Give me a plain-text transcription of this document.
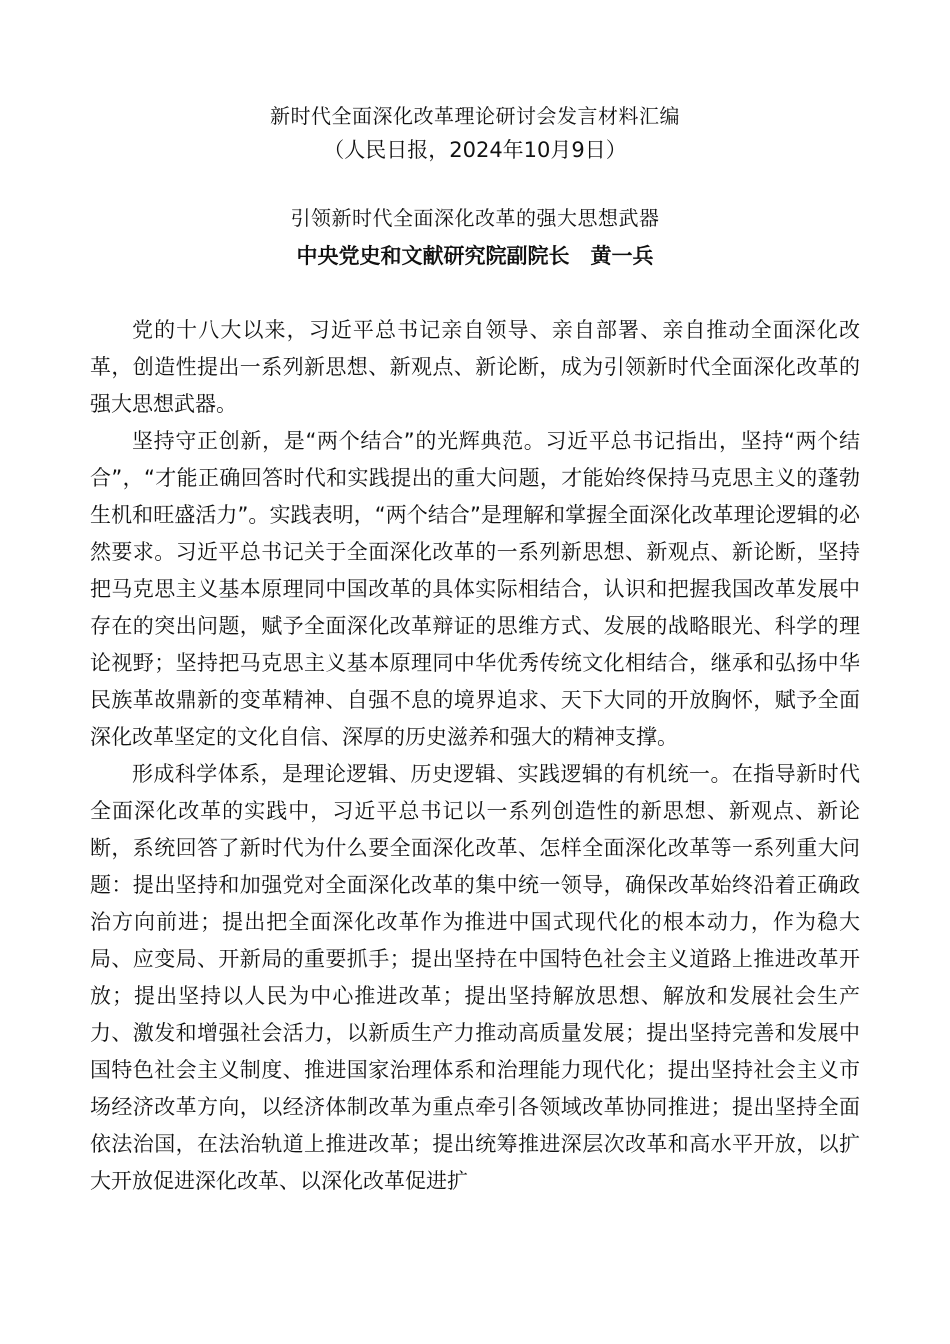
新时代全面深化改革理论研讨会发言材料汇编
（人民日报，2024年10月9日）
引领新时代全面深化改革的强大思想武器
中央党史和文献研究院副院长　黄一兵

党的十八大以来，习近平总书记亲自领导、亲自部署、亲自推动全面深化改革，创造性提出一系列新思想、新观点、新论断，成为引领新时代全面深化改革的强大思想武器。

坚持守正创新，是“两个结合”的光辉典范。习近平总书记指出，坚持“两个结合”，“才能正确回答时代和实践提出的重大问题，才能始终保持马克思主义的蓬勃生机和旺盛活力”。实践表明，“两个结合”是理解和掌握全面深化改革理论逻辑的必然要求。习近平总书记关于全面深化改革的一系列新思想、新观点、新论断，坚持把马克思主义基本原理同中国改革的具体实际相结合，认识和把握我国改革发展中存在的突出问题，赋予全面深化改革辩证的思维方式、发展的战略眼光、科学的理论视野；坚持把马克思主义基本原理同中华优秀传统文化相结合，继承和弘扬中华民族革故鼎新的变革精神、自强不息的境界追求、天下大同的开放胸怀，赋予全面深化改革坚定的文化自信、深厚的历史滋养和强大的精神支撑。

形成科学体系，是理论逻辑、历史逻辑、实践逻辑的有机统一。在指导新时代全面深化改革的实践中，习近平总书记以一系列创造性的新思想、新观点、新论断，系统回答了新时代为什么要全面深化改革、怎样全面深化改革等一系列重大问题：提出坚持和加强党对全面深化改革的集中统一领导，确保改革始终沿着正确政治方向前进；提出把全面深化改革作为推进中国式现代化的根本动力，作为稳大局、应变局、开新局的重要抓手；提出坚持在中国特色社会主义道路上推进改革开放；提出坚持以人民为中心推进改革；提出坚持解放思想、解放和发展社会生产力、激发和增强社会活力，以新质生产力推动高质量发展；提出坚持完善和发展中国特色社会主义制度、推进国家治理体系和治理能力现代化；提出坚持社会主义市场经济改革方向，以经济体制改革为重点牵引各领域改革协同推进；提出坚持全面依法治国，在法治轨道上推进改革；提出统筹推进深层次改革和高水平开放，以扩大开放促进深化改革、以深化改革促进扩
